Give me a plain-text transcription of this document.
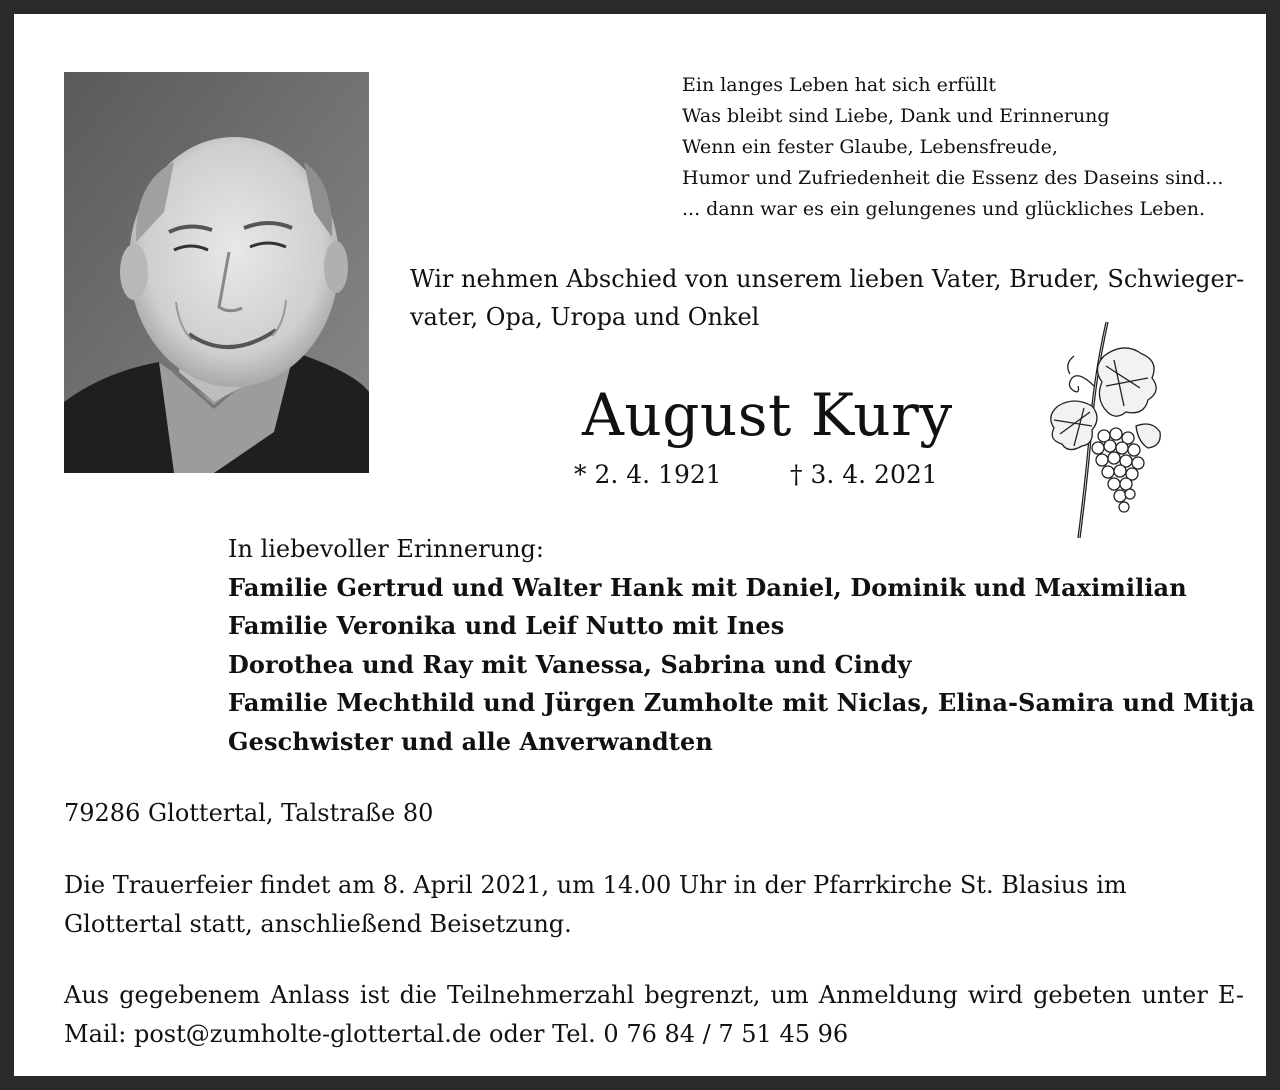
Ein langes Leben hat sich erfüllt
Was bleibt sind Liebe, Dank und Erinnerung
Wenn ein fester Glaube, Lebensfreude,
Humor und Zufriedenheit die Essenz des Daseins sind...
... dann war es ein gelungenes und glückliches Leben.
Wir nehmen Abschied von unserem lieben Vater, Bruder, Schwieger-
vater, Opa, Uropa und Onkel
August Kury
* 2. 4. 1921	† 3. 4. 2021
In liebevoller Erinnerung:
Familie Gertrud und Walter Hank mit Daniel, Dominik und Maximilian
Familie Veronika und Leif Nutto mit Ines
Dorothea und Ray mit Vanessa, Sabrina und Cindy
Familie Mechthild und Jürgen Zumholte mit Niclas, Elina-Samira und Mitja
Geschwister und alle Anverwandten
79286 Glottertal, Talstraße 80
Die Trauerfeier findet am 8. April 2021, um 14.00 Uhr in der Pfarrkirche St. Blasius im Glottertal statt, anschließend Beisetzung.
Aus gegebenem Anlass ist die Teilnehmerzahl begrenzt, um Anmeldung wird gebeten unter E-Mail: post@zumholte-glottertal.de oder Tel. 0 76 84 / 7 51 45 96
